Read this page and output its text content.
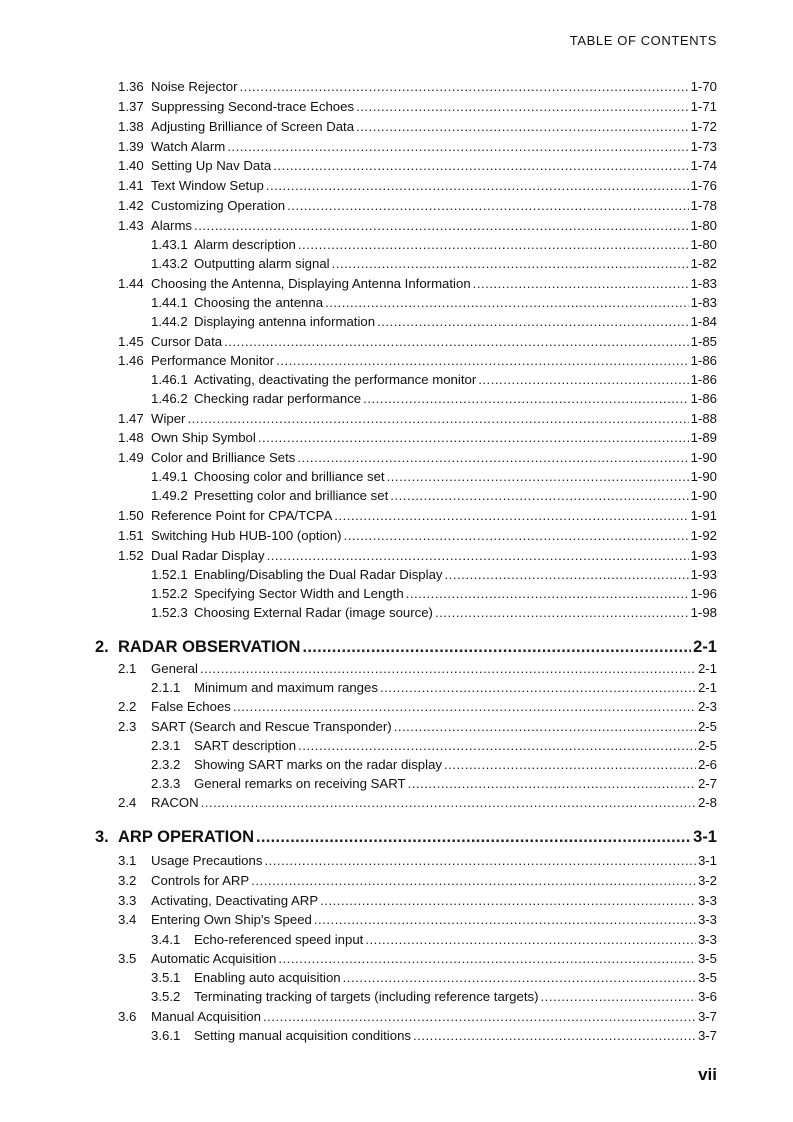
TABLE OF CONTENTS
1.36 Noise Rejector .....	1-70
1.37 Suppressing Second-trace Echoes .....	1-71
1.38 Adjusting Brilliance of Screen Data .....	1-72
1.39 Watch Alarm .....	1-73
1.40 Setting Up Nav Data .....	1-74
1.41 Text Window Setup .....	1-76
1.42 Customizing Operation .....	1-78
1.43 Alarms .....	1-80
1.43.1 Alarm description .....	1-80
1.43.2 Outputting alarm signal .....	1-82
1.44 Choosing the Antenna, Displaying Antenna Information .....	1-83
1.44.1 Choosing the antenna .....	1-83
1.44.2 Displaying antenna information .....	1-84
1.45 Cursor Data .....	1-85
1.46 Performance Monitor .....	1-86
1.46.1 Activating, deactivating the performance monitor .....	1-86
1.46.2 Checking radar performance .....	1-86
1.47 Wiper .....	1-88
1.48 Own Ship Symbol .....	1-89
1.49 Color and Brilliance Sets .....	1-90
1.49.1 Choosing color and brilliance set .....	1-90
1.49.2 Presetting color and brilliance set .....	1-90
1.50 Reference Point for CPA/TCPA .....	1-91
1.51 Switching Hub HUB-100 (option) .....	1-92
1.52 Dual Radar Display .....	1-93
1.52.1 Enabling/Disabling the Dual Radar Display .....	1-93
1.52.2 Specifying Sector Width and Length .....	1-96
1.52.3 Choosing External Radar (image source) .....	1-98
2. RADAR OBSERVATION .....	2-1
2.1	General .....	2-1
2.1.1	Minimum and maximum ranges .....	2-1
2.2	False Echoes .....	2-3
2.3	SART (Search and Rescue Transponder) .....	2-5
2.3.1	SART description .....	2-5
2.3.2	Showing SART marks on the radar display .....	2-6
2.3.3	General remarks on receiving SART .....	2-7
2.4	RACON .....	2-8
3. ARP OPERATION .....	3-1
3.1	Usage Precautions .....	3-1
3.2	Controls for ARP .....	3-2
3.3	Activating, Deactivating ARP .....	3-3
3.4	Entering Own Ship's Speed .....	3-3
3.4.1	Echo-referenced speed input .....	3-3
3.5	Automatic Acquisition .....	3-5
3.5.1	Enabling auto acquisition .....	3-5
3.5.2	Terminating tracking of targets (including reference targets) .....	3-6
3.6	Manual Acquisition .....	3-7
3.6.1	Setting manual acquisition conditions .....	3-7
vii
